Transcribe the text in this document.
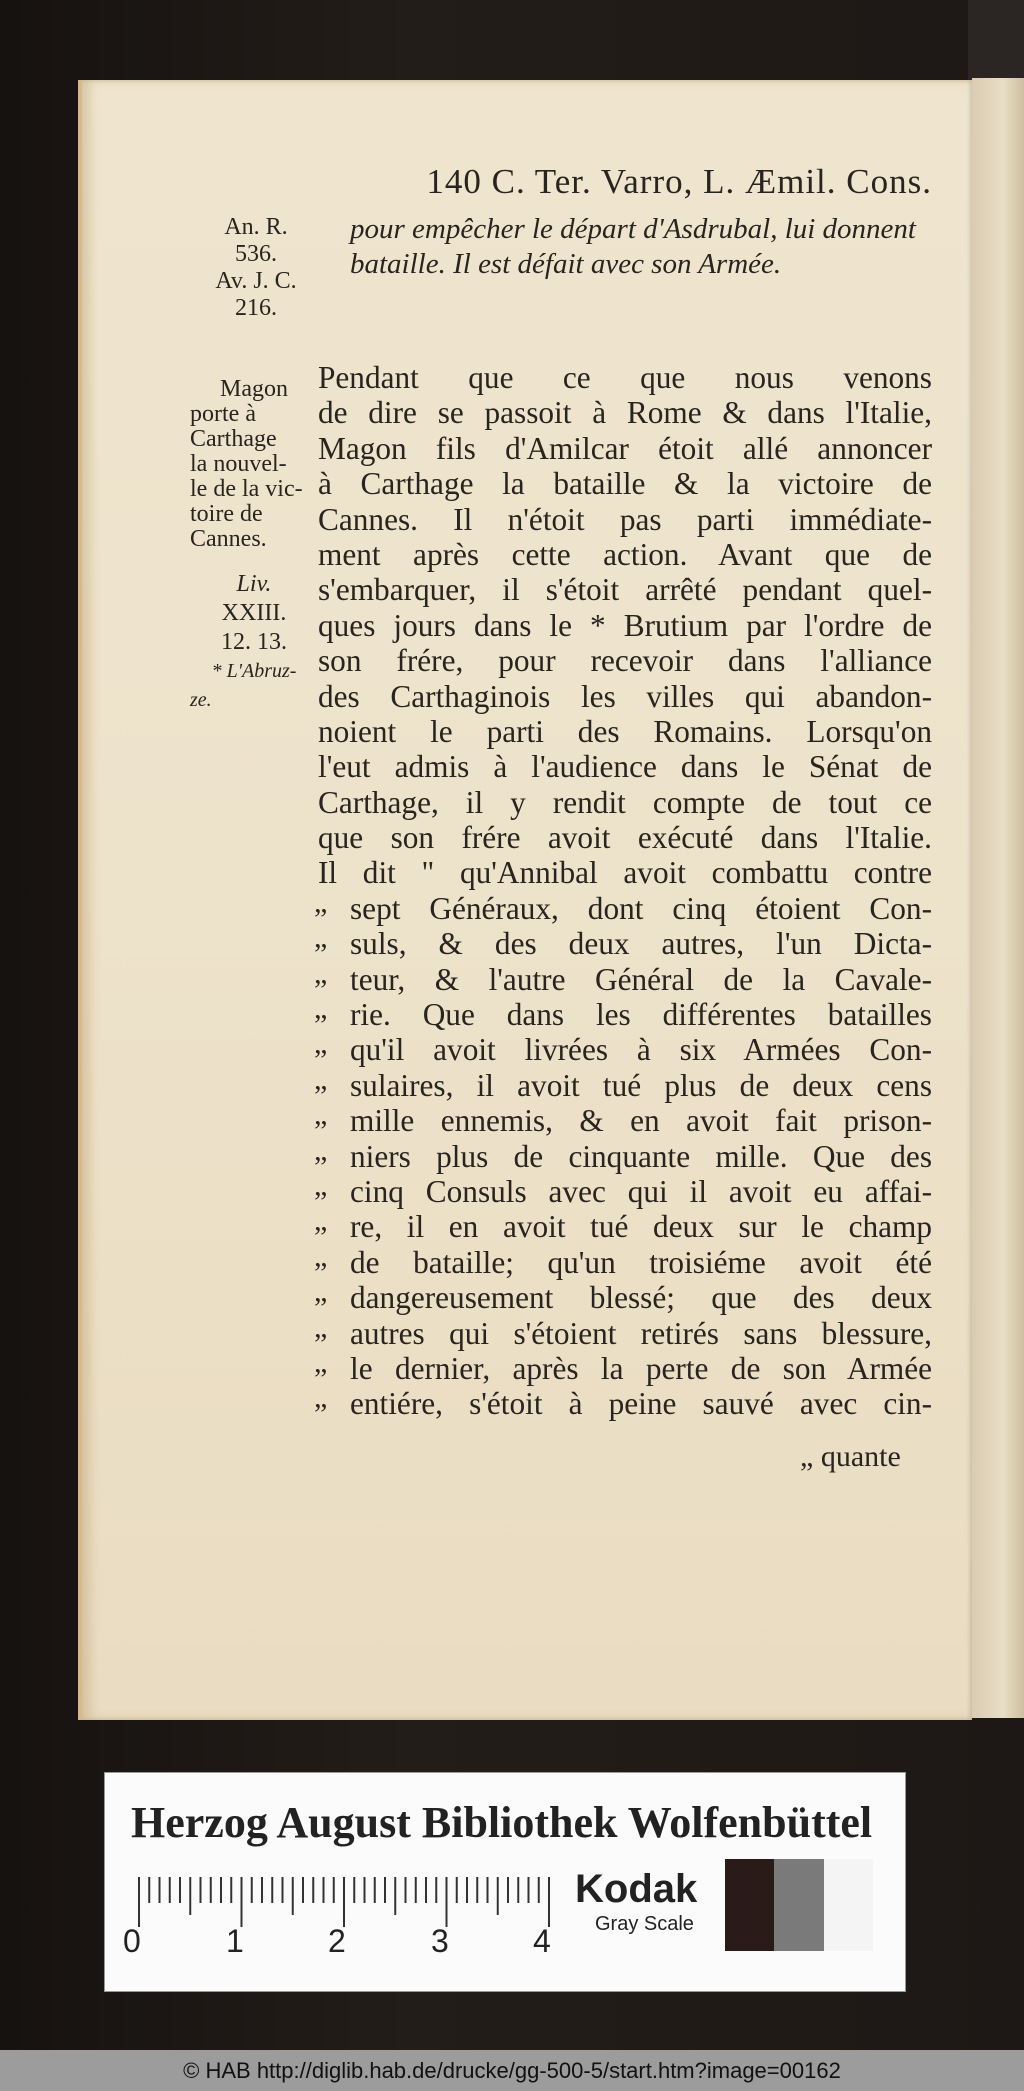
140 C. Ter. Varro, L. Æmil. Cons.
An. R.
536.
Av. J. C.
216.
pour empêcher le départ d'Asdrubal, lui donnent bataille. Il est défait avec son Armée.
Magon
porte à
Carthage
la nouvel-
le de la vic-
toire de
Cannes.
Liv.
XXIII.
12. 13.
* L'Abruz-
ze.
Pendant que ce que nous venons
de dire se passoit à Rome & dans l'Italie,
Magon fils d'Amilcar étoit allé annoncer
à Carthage la bataille & la victoire de
Cannes. Il n'étoit pas parti immédiate-
ment après cette action. Avant que de
s'embarquer, il s'étoit arrêté pendant quel-
ques jours dans le * Brutium par l'ordre de
son frére, pour recevoir dans l'alliance
des Carthaginois les villes qui abandon-
noient le parti des Romains. Lorsqu'on
l'eut admis à l'audience dans le Sénat de
Carthage, il y rendit compte de tout ce
que son frére avoit exécuté dans l'Italie.
Il dit " qu'Annibal avoit combattu contre
„ sept Généraux, dont cinq étoient Con-
„ suls, & des deux autres, l'un Dicta-
„ teur, & l'autre Général de la Cavale-
„ rie. Que dans les différentes batailles
„ qu'il avoit livrées à six Armées Con-
„ sulaires, il avoit tué plus de deux cens
„ mille ennemis, & en avoit fait prison-
„ niers plus de cinquante mille. Que des
„ cinq Consuls avec qui il avoit eu affai-
„ re, il en avoit tué deux sur le champ
„ de bataille; qu'un troisiéme avoit été
„ dangereusement blessé; que des deux
„ autres qui s'étoient retirés sans blessure,
„ le dernier, après la perte de son Armée
„ entiére, s'étoit à peine sauvé avec cin-
„ quante
Herzog August Bibliothek Wolfenbüttel
0	1	2	3	4
Kodak
Gray Scale
© HAB http://diglib.hab.de/drucke/gg-500-5/start.htm?image=00162
